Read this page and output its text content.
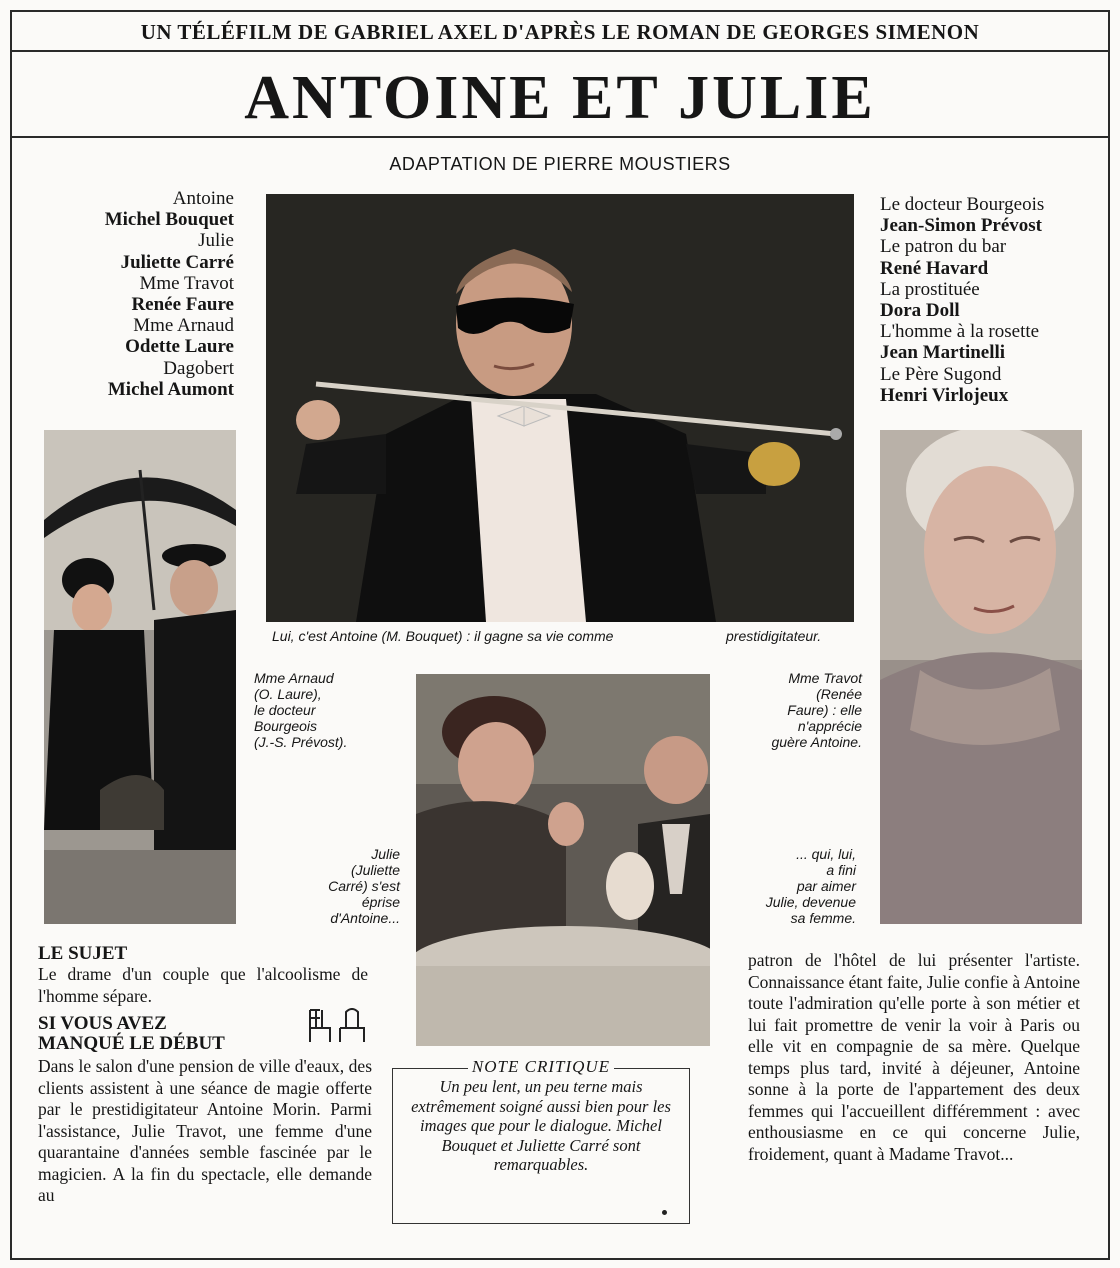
UN TÉLÉFILM DE GABRIEL AXEL D'APRÈS LE ROMAN DE GEORGES SIMENON
ANTOINE ET JULIE
ADAPTATION DE PIERRE MOUSTIERS
Antoine
Michel Bouquet
Julie
Juliette Carré
Mme Travot
Renée Faure
Mme Arnaud
Odette Laure
Dagobert
Michel Aumont
Le docteur Bourgeois
Jean-Simon Prévost
Le patron du bar
René Havard
La prostituée
Dora Doll
L'homme à la rosette
Jean Martinelli
Le Père Sugond
Henri Virlojeux
Lui, c'est Antoine (M. Bouquet) : il gagne sa vie comme	prestidigitateur.
Mme Arnaud
(O. Laure),
le docteur
Bourgeois
(J.-S. Prévost).
Mme Travot
(Renée
Faure) : elle
n'apprécie
guère Antoine.
Julie
(Juliette
Carré) s'est
éprise
d'Antoine...
... qui, lui,
a fini
par aimer
Julie, devenue
sa femme.
LE SUJET
Le drame d'un couple que l'alcoolisme de l'homme sépare.
SI VOUS AVEZ
MANQUÉ LE DÉBUT
Dans le salon d'une pension de ville d'eaux, des clients assistent à une séance de magie offerte par le prestidigitateur Antoine Morin. Parmi l'assistance, Julie Travot, une femme d'une quarantaine d'années semble fascinée par le magicien. A la fin du spectacle, elle demande au
patron de l'hôtel de lui présenter l'artiste. Connaissance étant faite, Julie confie à Antoine toute l'admiration qu'elle porte à son métier et lui fait promettre de venir la voir à Paris ou elle vit en compagnie de sa mère. Quelque temps plus tard, invité à déjeuner, Antoine sonne à la porte de l'appartement des deux femmes qui l'accueillent différemment : avec enthousiasme en ce qui concerne Julie, froidement, quant à Madame Travot...
NOTE CRITIQUE
Un peu lent, un peu terne mais extrêmement soigné aussi bien pour les images que pour le dialogue. Michel Bouquet et Juliette Carré sont remarquables.
